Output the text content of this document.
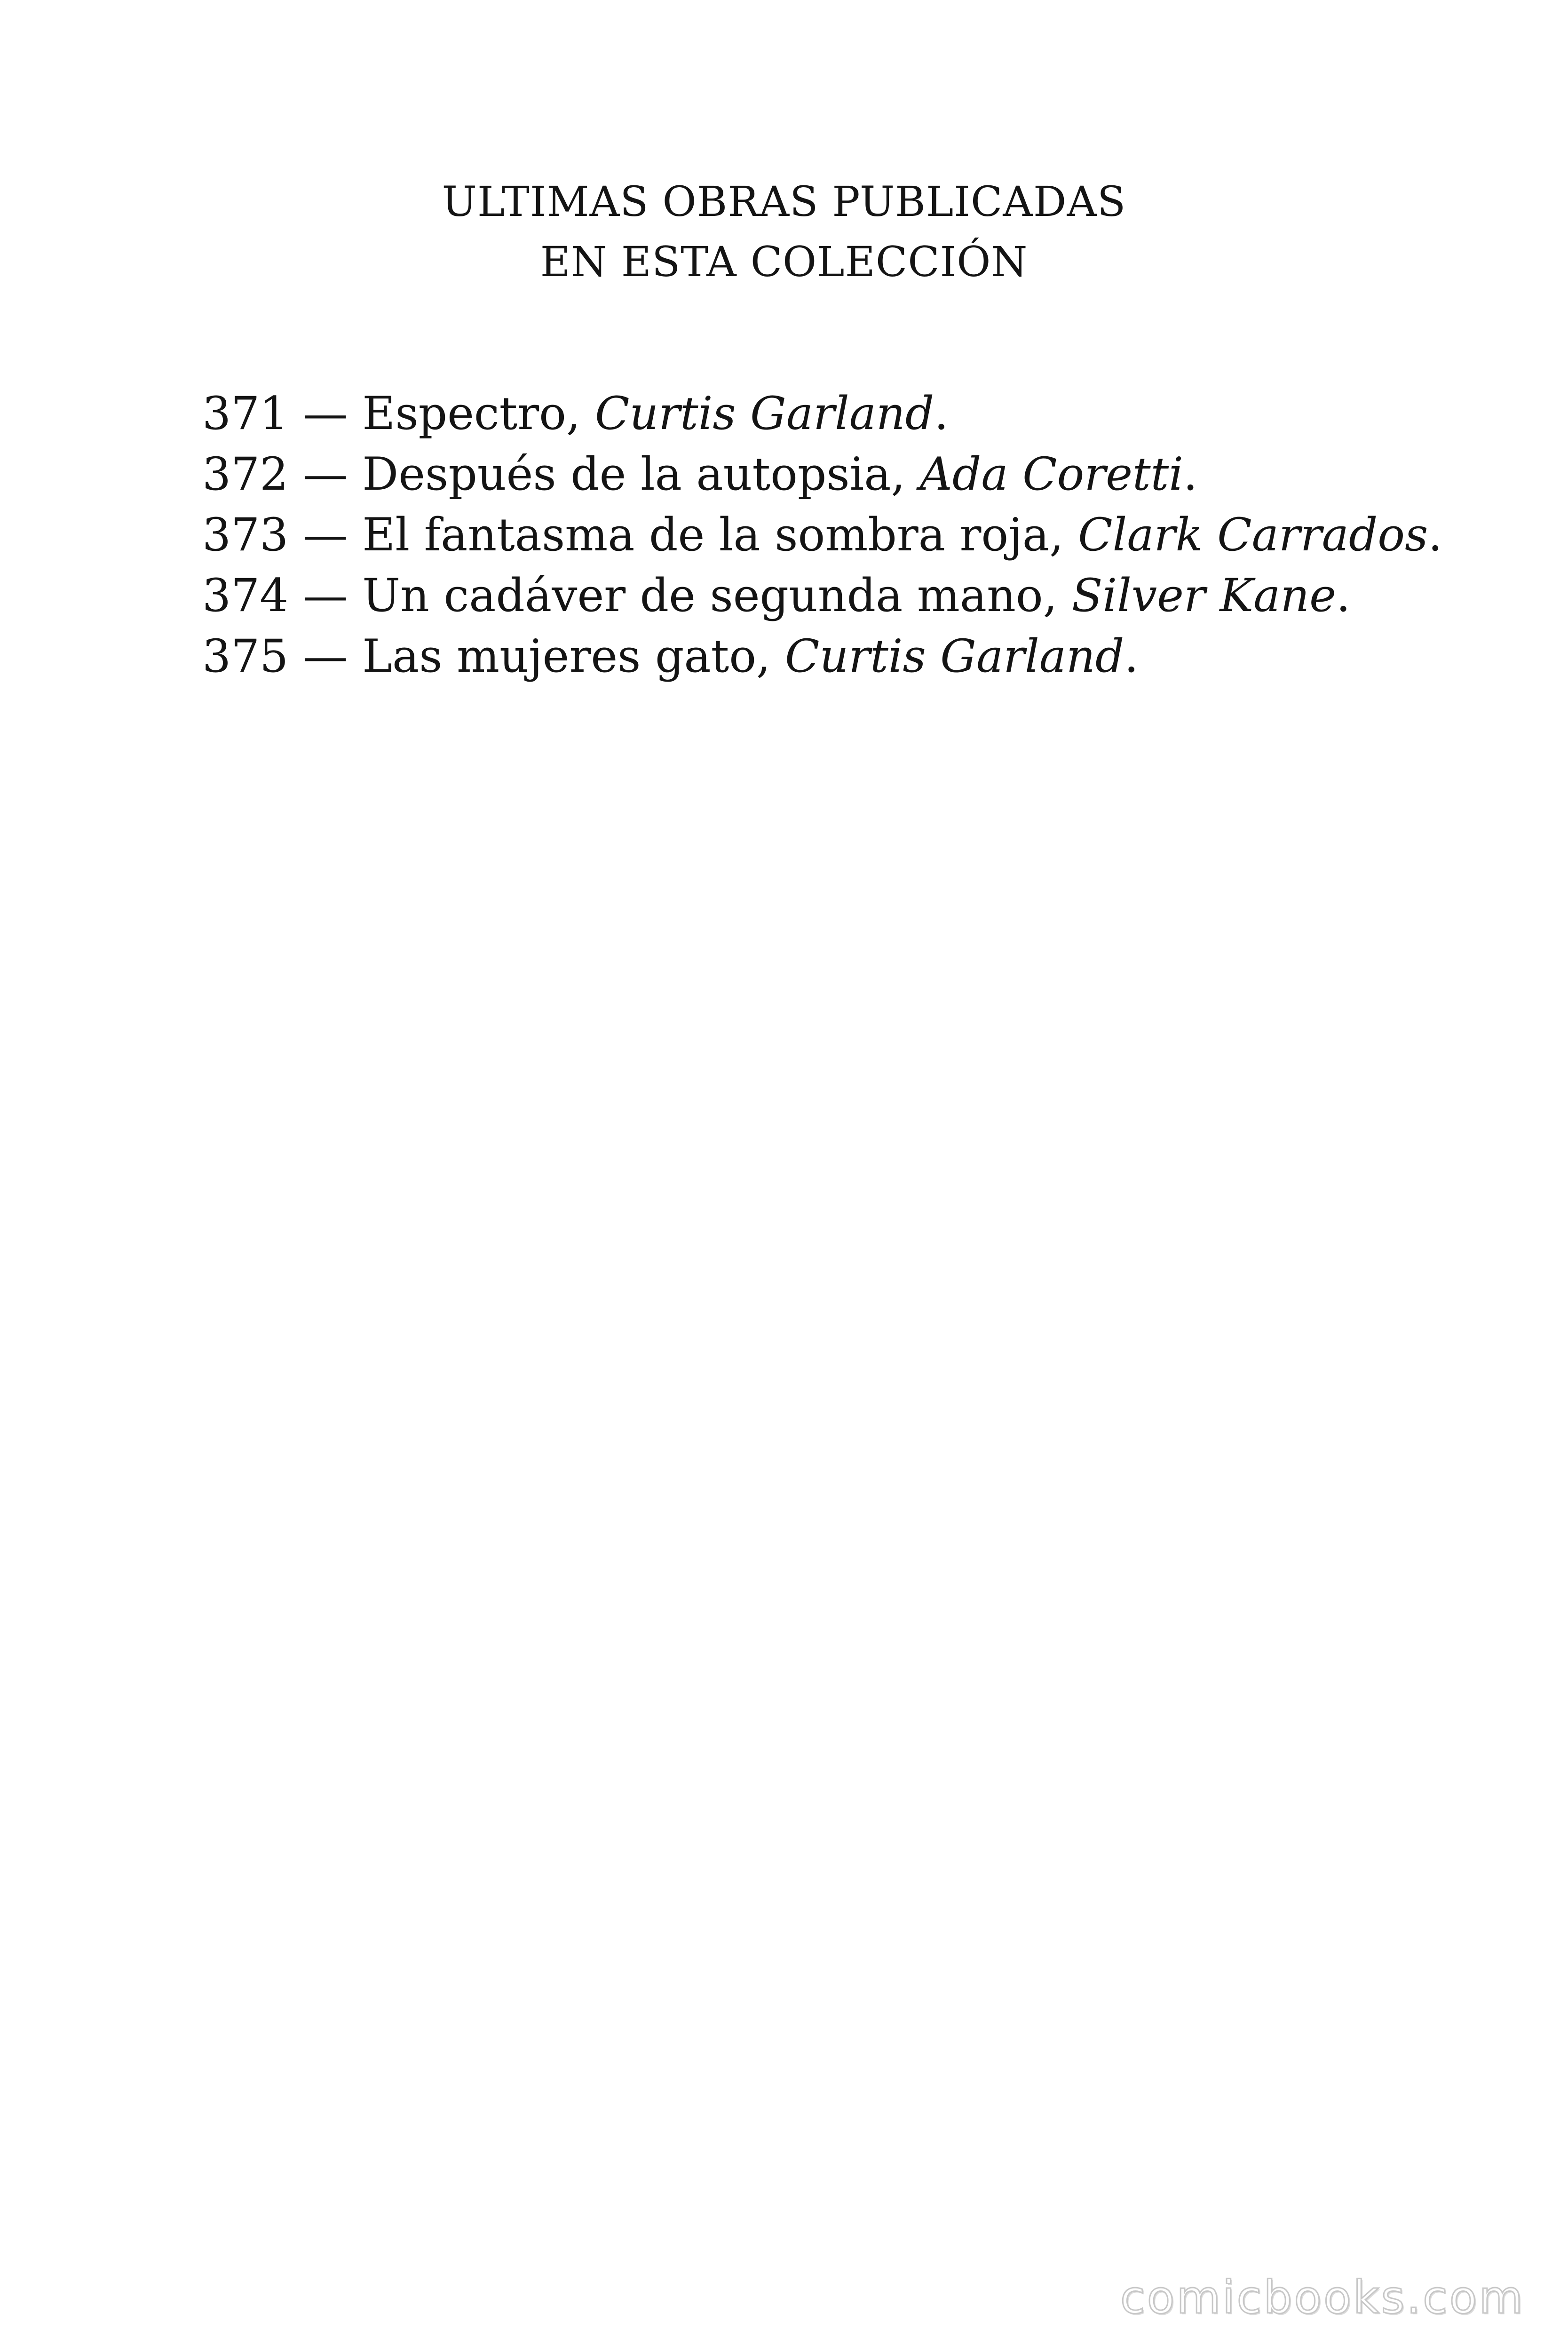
ULTIMAS OBRAS PUBLICADAS
EN ESTA COLECCIÓN
371 — Espectro, Curtis Garland.
372 — Después de la autopsia, Ada Coretti.
373 — El fantasma de la sombra roja, Clark Carrados.
374 — Un cadáver de segunda mano, Silver Kane.
375 — Las mujeres gato, Curtis Garland.
comicbooks.com
